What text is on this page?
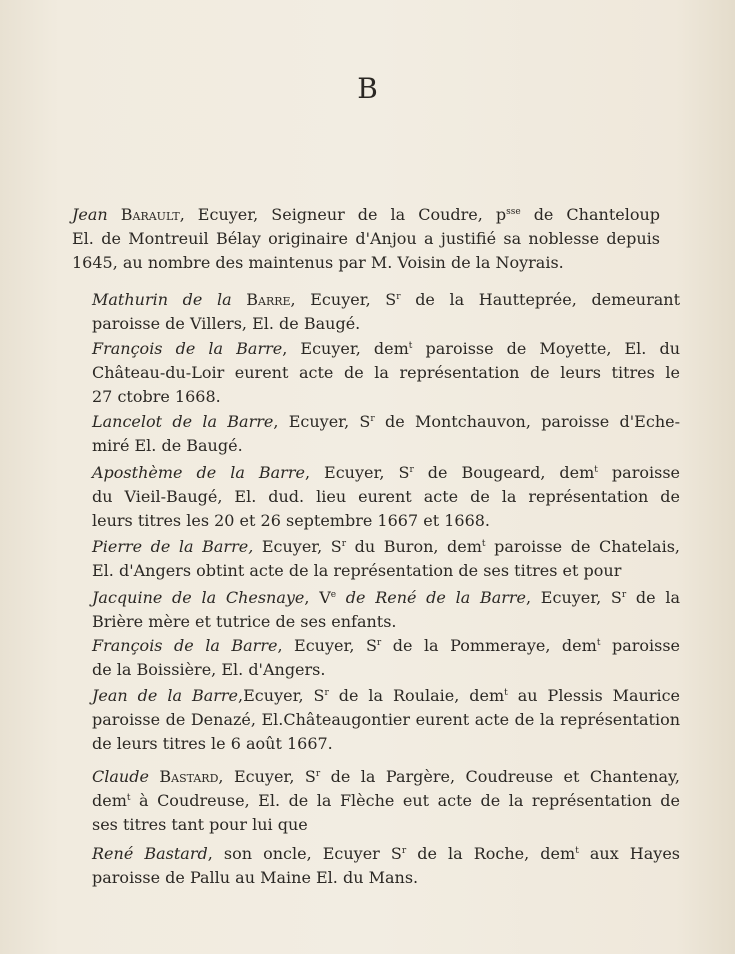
B
Jean Barault, Ecuyer, Seigneur de la Coudre, $p^{sse}$ de Chanteloup
El. de Montreuil Bélay originaire d'Anjou a justifié sa noblesse depuis
1645, au nombre des maintenus par M. Voisin de la Noyrais.
Mathurin de la Barre, Ecuyer, $S^r$ de la Hautteprée, demeurant
paroisse de Villers, El. de Baugé.
François de la Barre, Ecuyer, dem$^t$ paroisse de Moyette, El. du
Château-du-Loir eurent acte de la représentation de leurs titres le
27 ctobre 1668.
Lancelot de la Barre, Ecuyer, $S^r$ de Montchauvon, paroisse d'Eche-
miré El. de Baugé.
Aposthème de la Barre, Ecuyer, $S^r$ de Bougeard, dem$^t$ paroisse
du Vieil-Baugé, El. dud. lieu eurent acte de la représentation de
leurs titres les 20 et 26 septembre 1667 et 1668.
Pierre de la Barre, Ecuyer, $S^r$ du Buron, dem$^t$ paroisse de Chatelais,
El. d'Angers obtint acte de la représentation de ses titres et pour
Jacquine de la Chesnaye, Ve de René de la Barre, Ecuyer, $S^r$ de la
Brière mère et tutrice de ses enfants.
François de la Barre, Ecuyer, $S^r$ de la Pommeraye, dem$^t$ paroisse
de la Boissière, El. d'Angers.
Jean de la Barre,Ecuyer, $S^r$ de la Roulaie, dem$^t$ au Plessis Maurice
paroisse de Denazé, El.Châteaugontier eurent acte de la représentation
de leurs titres le 6 août 1667.
Claude Bastard, Ecuyer, $S^r$ de la Pargère, Coudreuse et Chantenay,
dem$^t$ à Coudreuse, El. de la Flèche eut acte de la représentation de
ses titres tant pour lui que
René Bastard, son oncle, Ecuyer $S^r$ de la Roche, dem$^t$ aux Hayes
paroisse de Pallu au Maine El. du Mans.
